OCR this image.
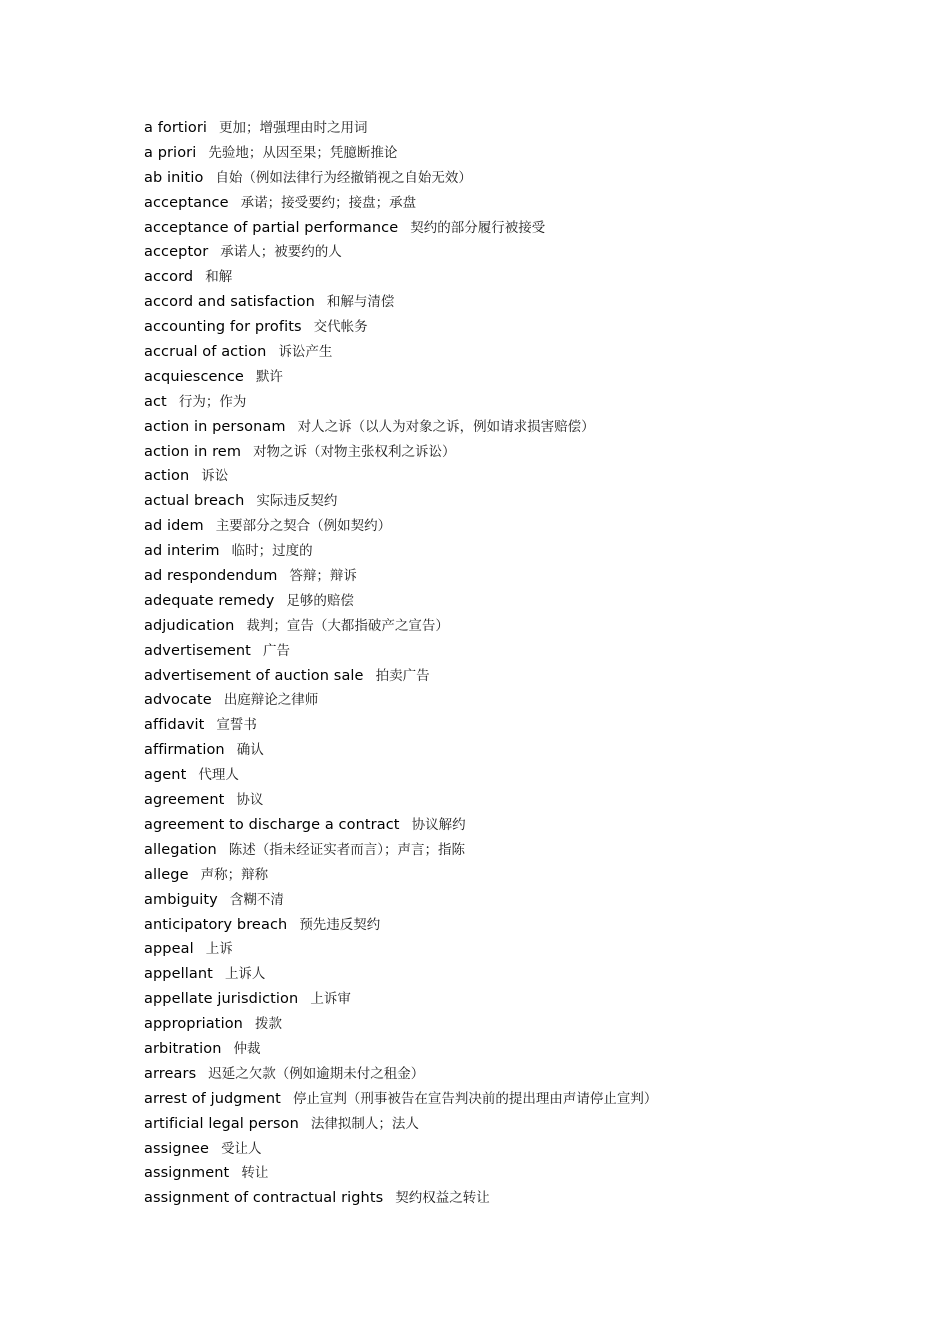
a fortiori 更加；增强理由时之用词
a priori 先验地；从因至果；凭臆断推论
ab initio 自始（例如法律行为经撤销视之自始无效）
acceptance 承诺；接受要约；接盘；承盘
acceptance of partial performance 契约的部分履行被接受
acceptor 承诺人；被要约的人
accord 和解
accord and satisfaction 和解与清偿
accounting for profits 交代帐务
accrual of action 诉讼产生
acquiescence 默许
act 行为；作为
action in personam 对人之诉（以人为对象之诉，例如请求损害赔偿）
action in rem 对物之诉（对物主张权利之诉讼）
action 诉讼
actual breach 实际违反契约
ad idem 主要部分之契合（例如契约）
ad interim 临时；过度的
ad respondendum 答辩；辩诉
adequate remedy 足够的赔偿
adjudication 裁判；宣告（大都指破产之宣告）
advertisement 广告
advertisement of auction sale 拍卖广告
advocate 出庭辩论之律师
affidavit 宣誓书
affirmation 确认
agent 代理人
agreement 协议
agreement to discharge a contract 协议解约
allegation 陈述（指未经证实者而言）；声言；指陈
allege 声称；辩称
ambiguity 含糊不清
anticipatory breach 预先违反契约
appeal 上诉
appellant 上诉人
appellate jurisdiction 上诉审
appropriation 拨款
arbitration 仲裁
arrears 迟延之欠款（例如逾期未付之租金）
arrest of judgment 停止宣判（刑事被告在宣告判决前的提出理由声请停止宣判）
artificial legal person 法律拟制人；法人
assignee 受让人
assignment 转让
assignment of contractual rights 契约权益之转让
